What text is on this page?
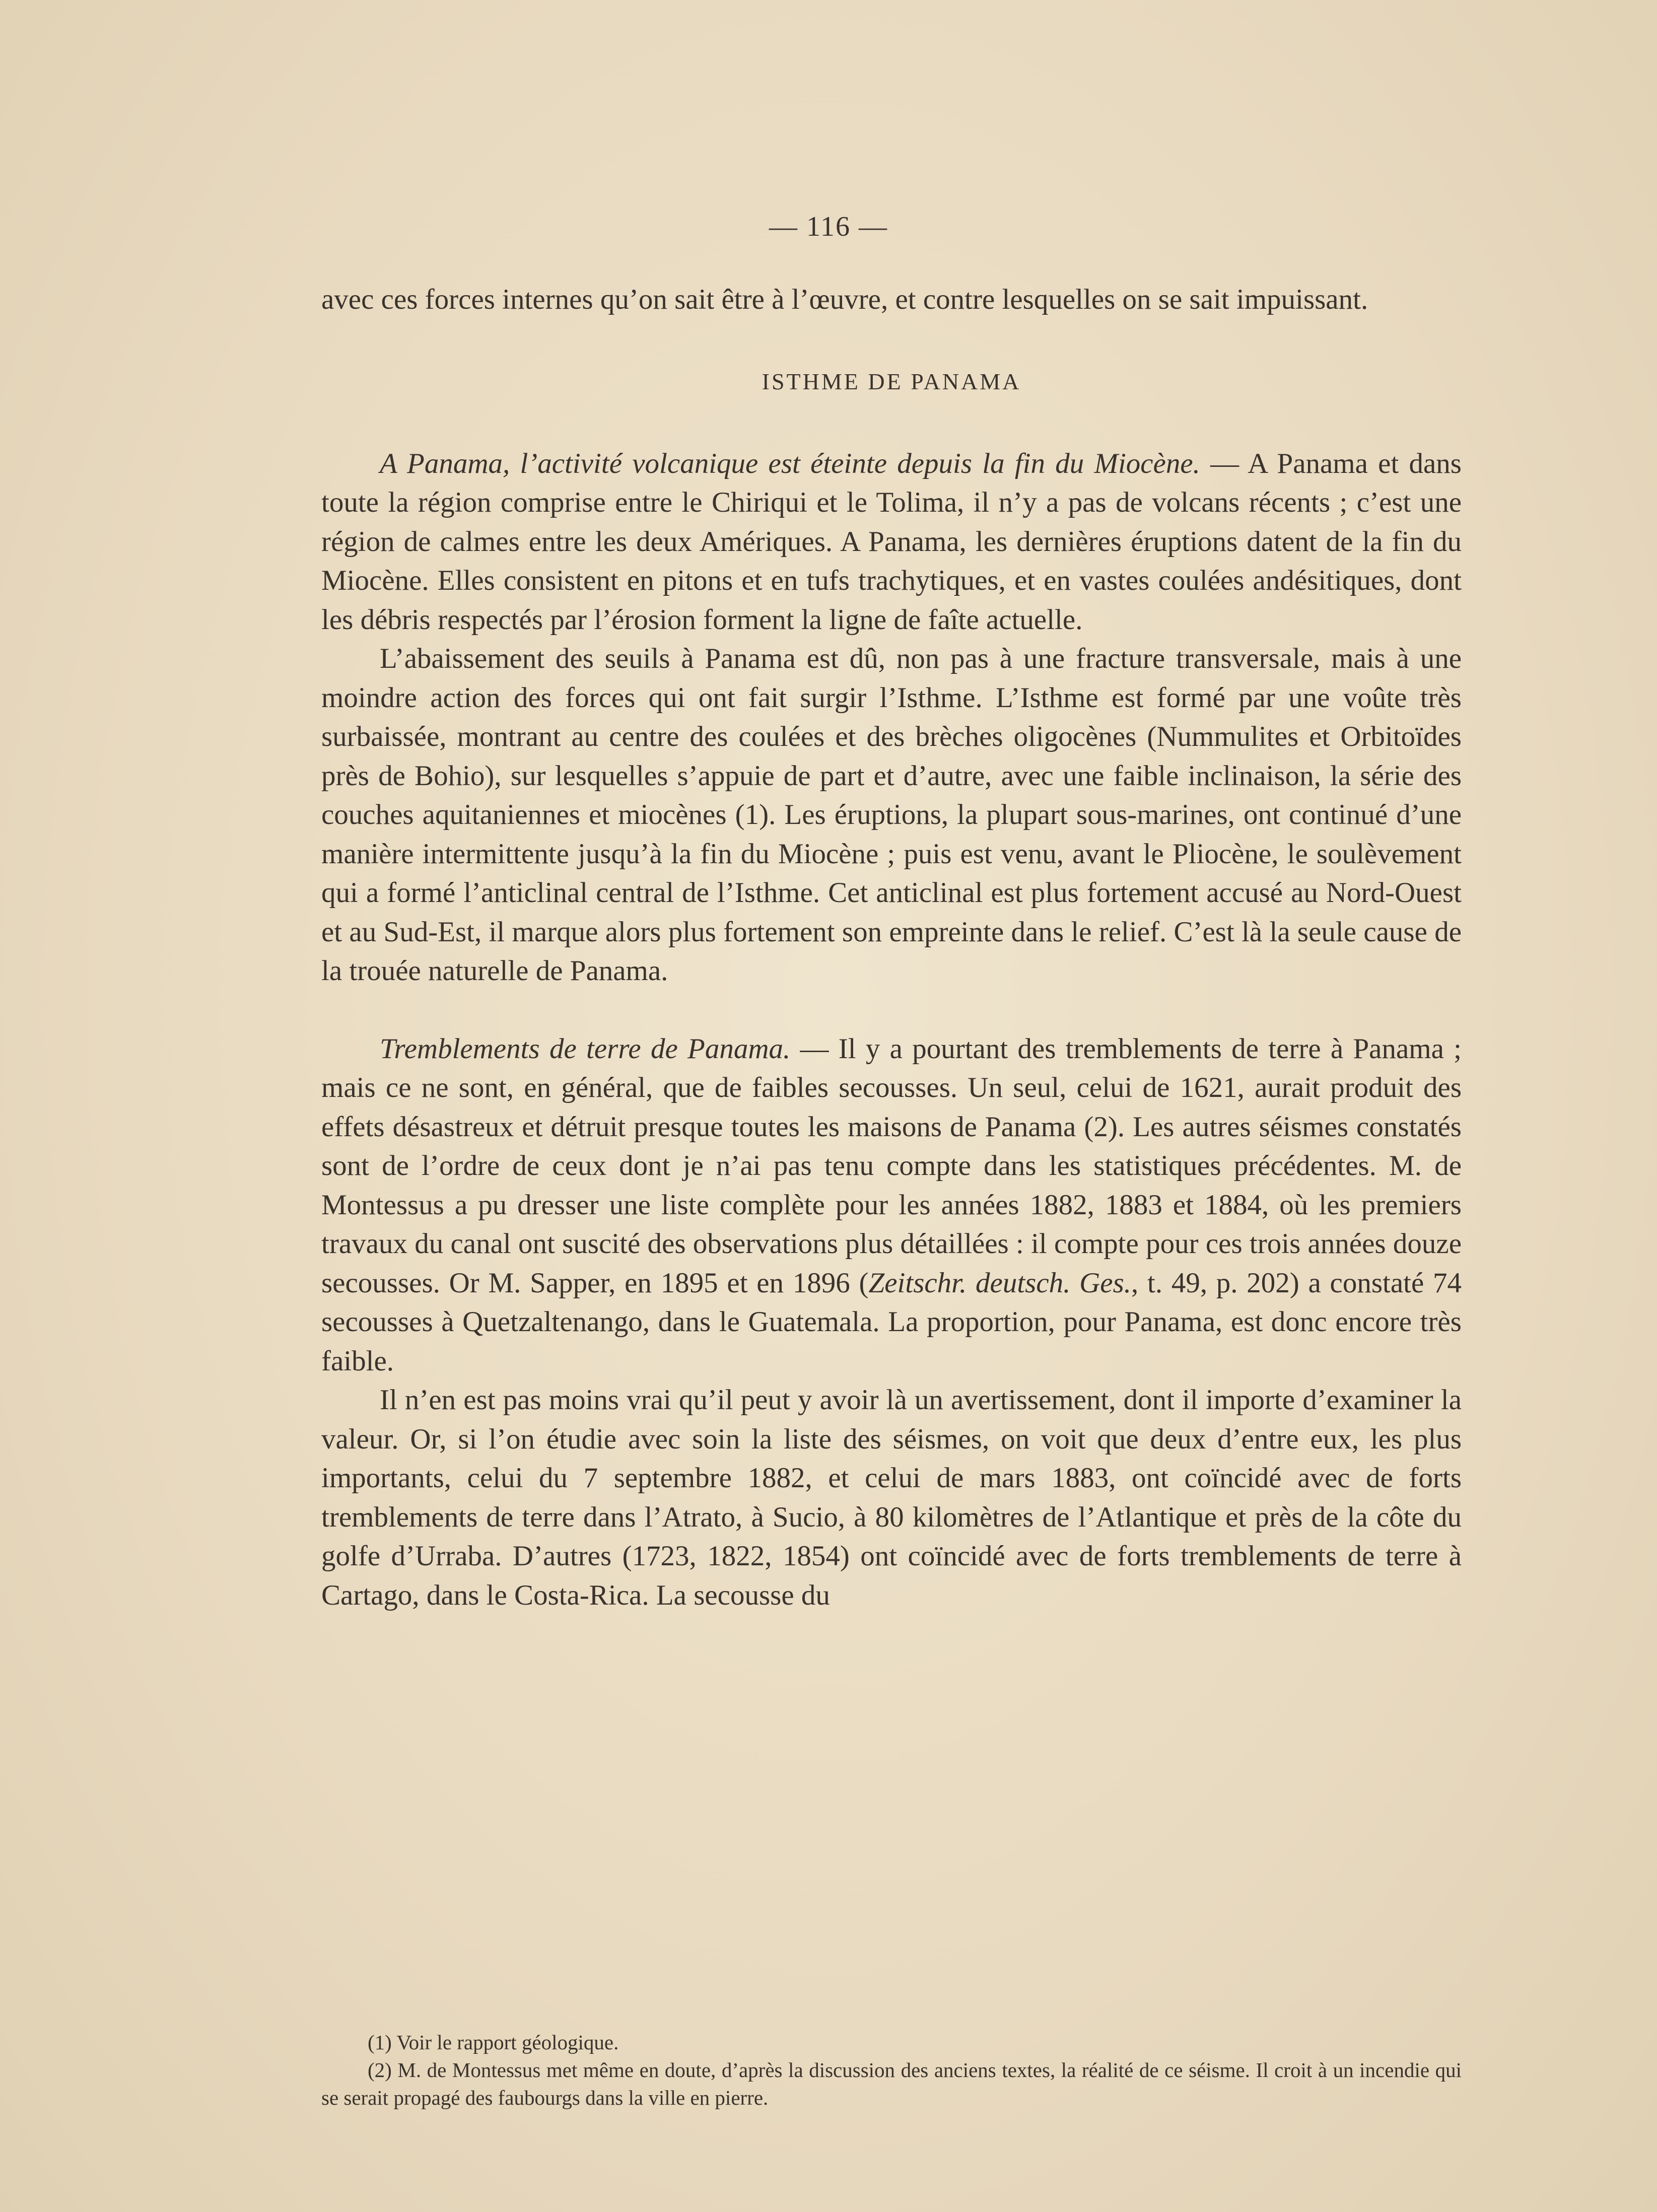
— 116 —

avec ces forces internes qu’on sait être à l’œuvre, et contre lesquelles on se sait impuissant.

ISTHME DE PANAMA

A Panama, l’activité volcanique est éteinte depuis la fin du Miocène. — A Panama et dans toute la région comprise entre le Chiriqui et le Tolima, il n’y a pas de volcans récents ; c’est une région de calmes entre les deux Amériques. A Panama, les dernières éruptions datent de la fin du Miocène. Elles consistent en pitons et en tufs trachytiques, et en vastes coulées andésitiques, dont les débris respectés par l’érosion forment la ligne de faîte actuelle.

L’abaissement des seuils à Panama est dû, non pas à une fracture transversale, mais à une moindre action des forces qui ont fait surgir l’Isthme. L’Isthme est formé par une voûte très surbaissée, montrant au centre des coulées et des brèches oligocènes (Nummulites et Orbitoïdes près de Bohio), sur lesquelles s’appuie de part et d’autre, avec une faible inclinaison, la série des couches aquitaniennes et miocènes (1). Les éruptions, la plupart sous-marines, ont continué d’une manière intermittente jusqu’à la fin du Miocène ; puis est venu, avant le Pliocène, le soulèvement qui a formé l’anticlinal central de l’Isthme. Cet anticlinal est plus fortement accusé au Nord-Ouest et au Sud-Est, il marque alors plus fortement son empreinte dans le relief. C’est là la seule cause de la trouée naturelle de Panama.

Tremblements de terre de Panama. — Il y a pourtant des tremblements de terre à Panama ; mais ce ne sont, en général, que de faibles secousses. Un seul, celui de 1621, aurait produit des effets désastreux et détruit presque toutes les maisons de Panama (2). Les autres séismes constatés sont de l’ordre de ceux dont je n’ai pas tenu compte dans les statistiques précédentes. M. de Montessus a pu dresser une liste complète pour les années 1882, 1883 et 1884, où les premiers travaux du canal ont suscité des observations plus détaillées : il compte pour ces trois années douze secousses. Or M. Sapper, en 1895 et en 1896 (Zeitschr. deutsch. Ges., t. 49, p. 202) a constaté 74 secousses à Quetzaltenango, dans le Guatemala. La proportion, pour Panama, est donc encore très faible.

Il n’en est pas moins vrai qu’il peut y avoir là un avertissement, dont il importe d’examiner la valeur. Or, si l’on étudie avec soin la liste des séismes, on voit que deux d’entre eux, les plus importants, celui du 7 septembre 1882, et celui de mars 1883, ont coïncidé avec de forts tremblements de terre dans l’Atrato, à Sucio, à 80 kilomètres de l’Atlantique et près de la côte du golfe d’Urraba. D’autres (1723, 1822, 1854) ont coïncidé avec de forts tremblements de terre à Cartago, dans le Costa-Rica. La secousse du

(1) Voir le rapport géologique.

(2) M. de Montessus met même en doute, d’après la discussion des anciens textes, la réalité de ce séisme. Il croit à un incendie qui se serait propagé des faubourgs dans la ville en pierre.
